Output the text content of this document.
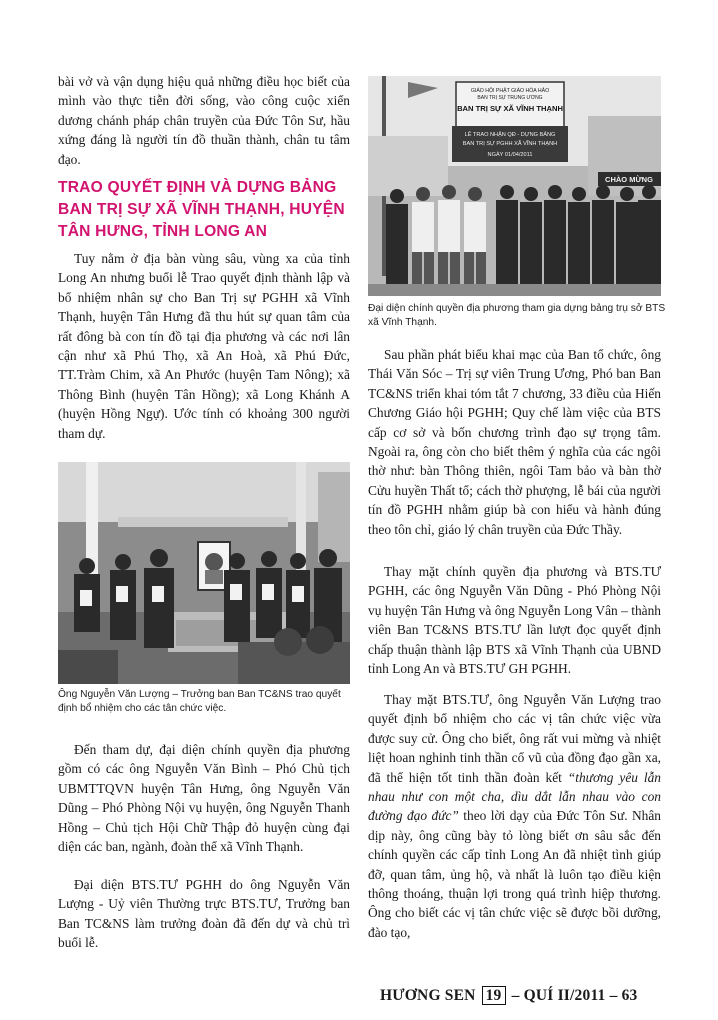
bài vở và vận dụng hiệu quả những điều học biết của mình vào thực tiễn đời sống, vào công cuộc xiển dương chánh pháp chân truyền của Đức Tôn Sư, hầu xứng đáng là người tín đồ thuần thành, chân tu tâm đạo.

TRAO QUYẾT ĐỊNH VÀ DỰNG BẢNG BAN TRỊ SỰ XÃ VĨNH THẠNH, HUYỆN TÂN HƯNG, TỈNH LONG AN

Tuy nằm ở địa bàn vùng sâu, vùng xa của tỉnh Long An nhưng buổi lễ Trao quyết định thành lập và bổ nhiệm nhân sự cho Ban Trị sự PGHH xã Vĩnh Thạnh, huyện Tân Hưng đã thu hút sự quan tâm của rất đông bà con tín đồ tại địa phương và các nơi lân cận như xã Phú Thọ, xã An Hoà, xã Phú Đức, TT.Tràm Chim, xã An Phước (huyện Tam Nông); xã Thông Bình (huyện Tân Hồng); xã Long Khánh A (huyện Hồng Ngự). Ước tính có khoảng 300 người tham dự.

Ông Nguyễn Văn Lượng – Trưởng ban Ban TC&NS trao quyết định bổ nhiệm cho các tân chức việc.

Đến tham dự, đại diện chính quyền địa phương gồm có các ông Nguyễn Văn Bình – Phó Chủ tịch UBMTTQVN huyện Tân Hưng, ông Nguyễn Văn Dũng – Phó Phòng Nội vụ huyện, ông Nguyễn Thanh Hồng – Chủ tịch Hội Chữ Thập đỏ huyện cùng đại diện các ban, ngành, đoàn thể xã Vĩnh Thạnh.

Đại diện BTS.TƯ PGHH do ông Nguyễn Văn Lượng - Uỷ viên Thường trực BTS.TƯ, Trưởng ban Ban TC&NS làm trưởng đoàn đã đến dự và chủ trì buổi lễ.

GIÁO HỘI PHẬT GIÁO HÒA HẢO
BAN TRỊ SỰ TRUNG ƯƠNG
BAN TRỊ SỰ XÃ VĨNH THẠNH
LỄ TRAO NHẬN QĐ - DỰNG BẢNG
BAN TRỊ SỰ PGHH XÃ VĨNH THẠNH
NGÀY 01/04/2011
CHÀO MỪNG

Đại diện chính quyền địa phương tham gia dựng bảng trụ sở BTS xã Vĩnh Thạnh.

Sau phần phát biểu khai mạc của Ban tổ chức, ông Thái Văn Sóc – Trị sự viên Trung Ương, Phó ban Ban TC&NS triển khai tóm tắt 7 chương, 33 điều của Hiến Chương Giáo hội PGHH; Quy chế làm việc của BTS cấp cơ sở và bốn chương trình đạo sự trọng tâm. Ngoài ra, ông còn cho biết thêm ý nghĩa của các ngôi thờ như: bàn Thông thiên, ngôi Tam bảo và bàn thờ Cửu huyền Thất tổ; cách thờ phượng, lễ bái của người tín đồ PGHH nhằm giúp bà con hiểu và hành đúng theo tôn chỉ, giáo lý chân truyền của Đức Thầy.

Thay mặt chính quyền địa phương và BTS.TƯ PGHH, các ông Nguyễn Văn Dũng - Phó Phòng Nội vụ huyện Tân Hưng và ông Nguyễn Long Vân – thành viên Ban TC&NS BTS.TƯ lần lượt đọc quyết định chấp thuận thành lập BTS xã Vĩnh Thạnh của UBND tỉnh Long An và BTS.TƯ GH PGHH.

Thay mặt BTS.TƯ, ông Nguyễn Văn Lượng trao quyết định bổ nhiệm cho các vị tân chức việc vừa được suy cử. Ông cho biết, ông rất vui mừng và nhiệt liệt hoan nghinh tinh thần cổ vũ của đồng đạo gần xa, đã thể hiện tốt tinh thần đoàn kết “thương yêu lẫn nhau như con một cha, dìu dắt lẫn nhau vào con đường đạo đức” theo lời dạy của Đức Tôn Sư. Nhân dịp này, ông cũng bày tỏ lòng biết ơn sâu sắc đến chính quyền các cấp tỉnh Long An đã nhiệt tình giúp đỡ, quan tâm, ủng hộ, và nhất là luôn tạo điều kiện thông thoáng, thuận lợi trong quá trình hiệp thương. Ông cho biết các vị tân chức việc sẽ được bồi dưỡng, đào tạo,

HƯƠNG SEN 19 – QUÍ II/2011 – 63
